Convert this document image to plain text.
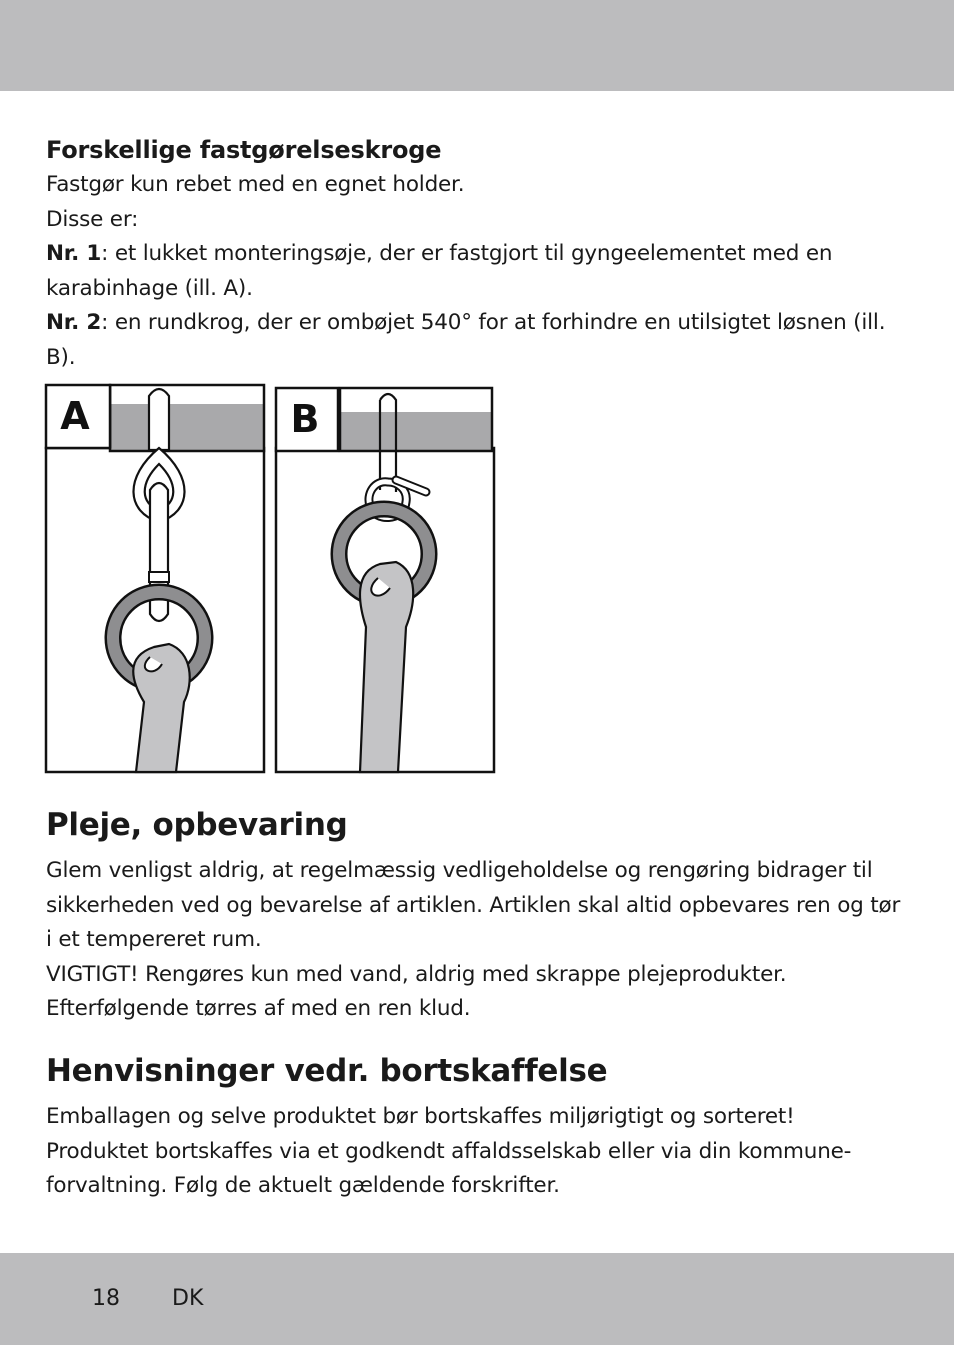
Forskellige fastgørelseskroge

Fastgør kun rebet med en egnet holder.

Disse er:

Nr. 1: et lukket monteringsøje, der er fastgjort til gyngeelementet med en karabinhage (ill. A).

Nr. 2: en rundkrog, der er ombøjet 540° for at forhindre en utilsigtet løsnen (ill. B).

A	B
Pleje, opbevaring

Glem venligst aldrig, at regelmæssig vedligeholdelse og rengøring bidrager til sikkerheden ved og bevarelse af artiklen. Artiklen skal altid opbevares ren og tør i et tempereret rum.

VIGTIGT! Rengøres kun med vand, aldrig med skrappe plejeprodukter. Efterfølgende tørres af med en ren klud.

Henvisninger vedr. bortskaffelse

Emballagen og selve produktet bør bortskaffes miljørigtigt og sorteret!

Produktet bortskaffes via et godkendt affaldsselskab eller via din kommune-forvaltning. Følg de aktuelt gældende forskrifter.

18 DK
